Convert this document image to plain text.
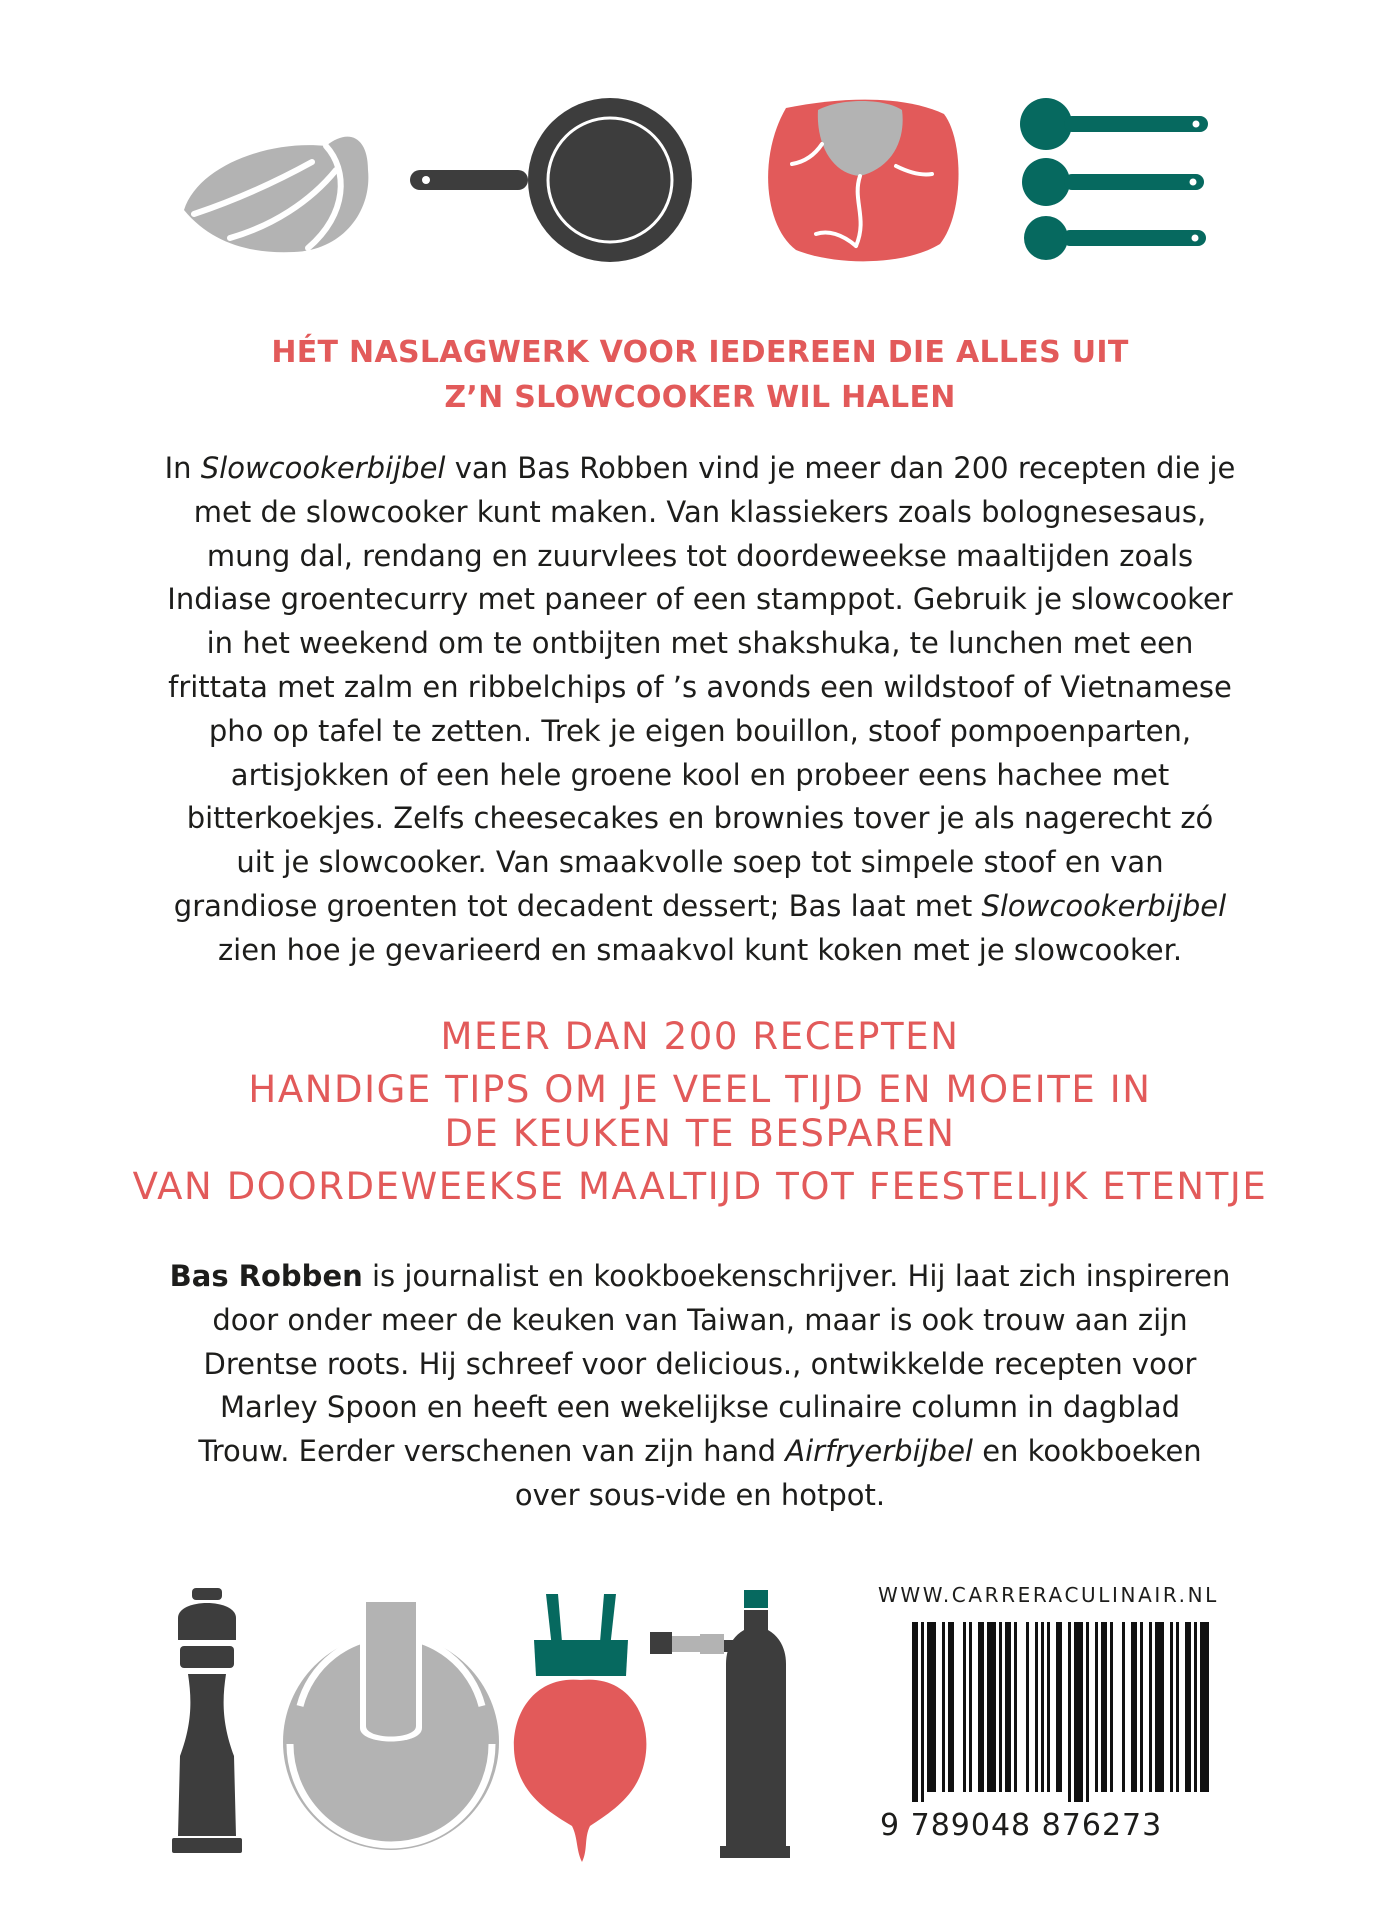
HÉT NASLAGWERK VOOR IEDEREEN DIE ALLES UIT
Z’N SLOWCOOKER WIL HALEN
In Slowcookerbijbel van Bas Robben vind je meer dan 200 recepten die je
met de slowcooker kunt maken. Van klassiekers zoals bolognesesaus,
mung dal, rendang en zuurvlees tot doordeweekse maaltijden zoals
Indiase groentecurry met paneer of een stamppot. Gebruik je slowcooker
in het weekend om te ontbijten met shakshuka, te lunchen met een
frittata met zalm en ribbelchips of ’s avonds een wildstoof of Vietnamese
pho op tafel te zetten. Trek je eigen bouillon, stoof pompoenparten,
artisjokken of een hele groene kool en probeer eens hachee met
bitterkoekjes. Zelfs cheesecakes en brownies tover je als nagerecht zó
uit je slowcooker. Van smaakvolle soep tot simpele stoof en van
grandiose groenten tot decadent dessert; Bas laat met Slowcookerbijbel
zien hoe je gevarieerd en smaakvol kunt koken met je slowcooker.
MEER DAN 200 RECEPTEN
HANDIGE TIPS OM JE VEEL TIJD EN MOEITE IN
DE KEUKEN TE BESPAREN
VAN DOORDEWEEKSE MAALTIJD TOT FEESTELIJK ETENTJE
Bas Robben is journalist en kookboekenschrijver. Hij laat zich inspireren
door onder meer de keuken van Taiwan, maar is ook trouw aan zijn
Drentse roots. Hij schreef voor delicious., ontwikkelde recepten voor
Marley Spoon en heeft een wekelijkse culinaire column in dagblad
Trouw. Eerder verschenen van zijn hand Airfryerbijbel en kookboeken
over sous-vide en hotpot.
WWW.CARRERACULINAIR.NL
9 789048 876273
